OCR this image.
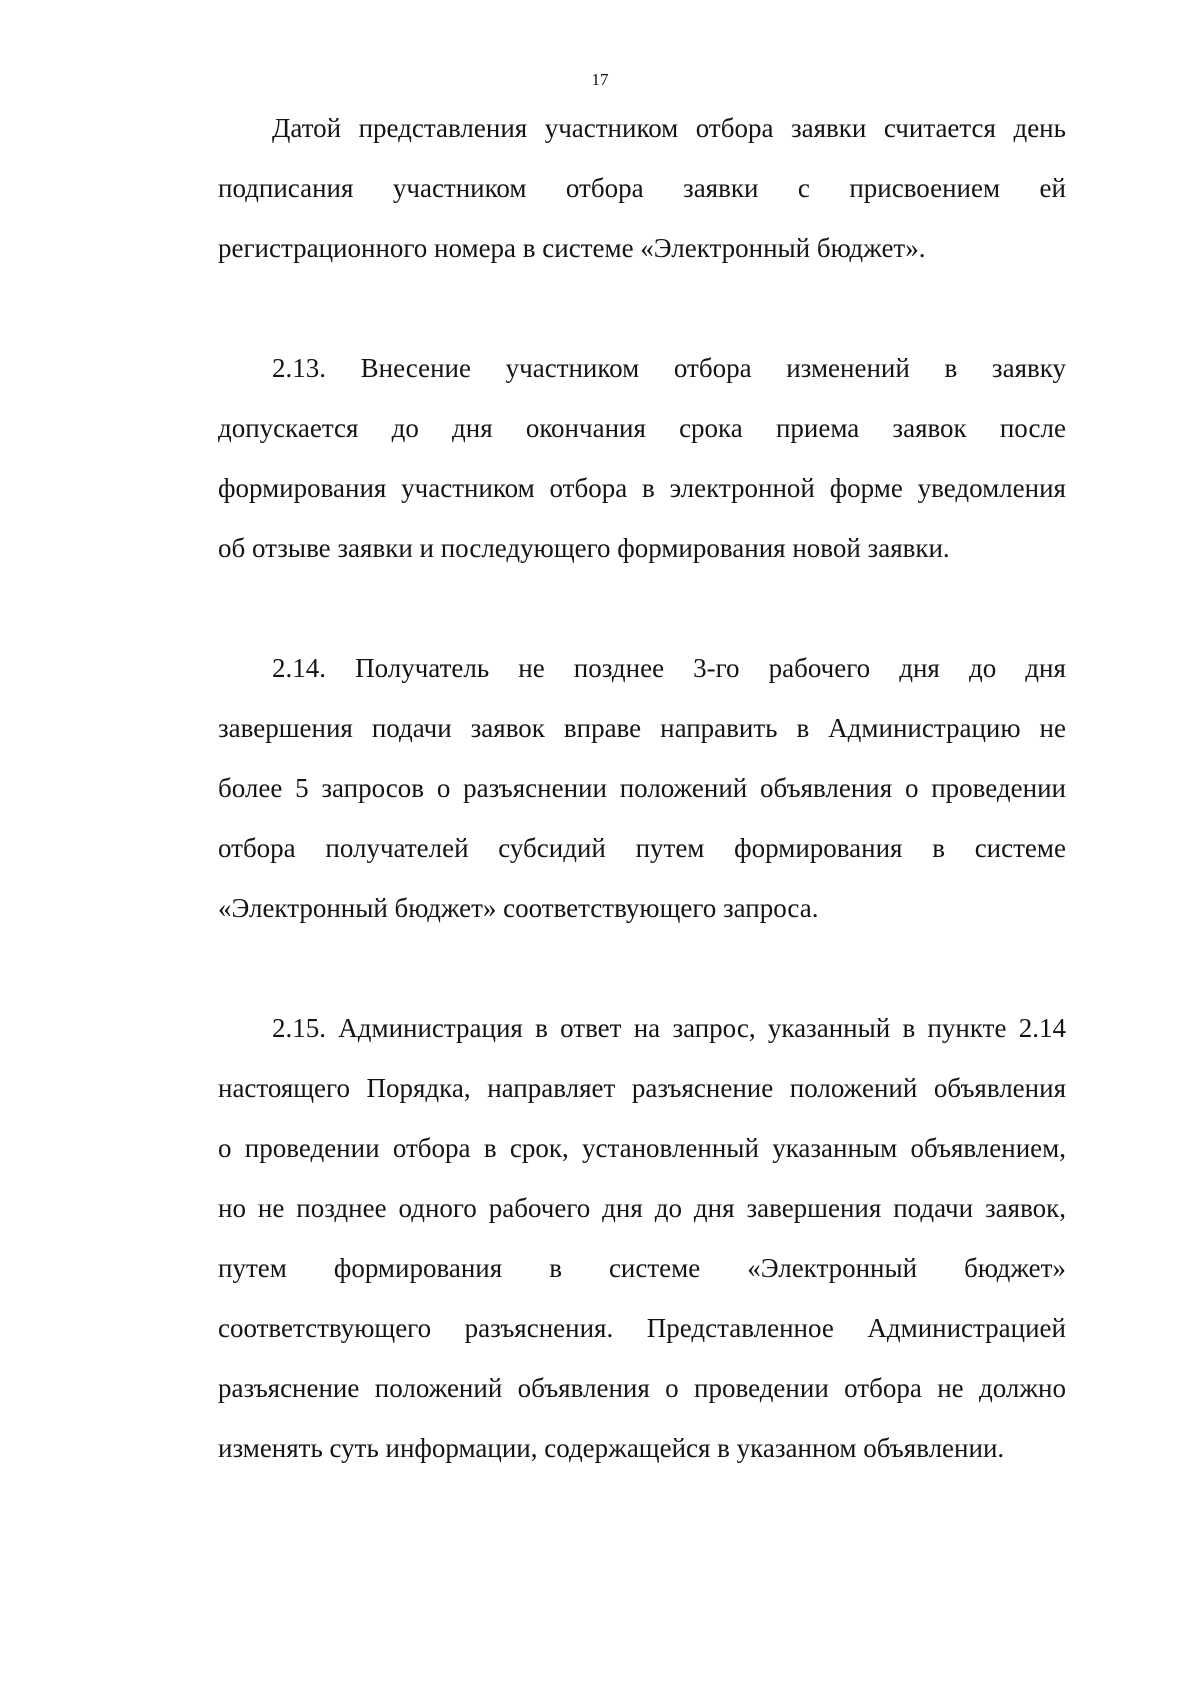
17
Датой представления участником отбора заявки считается день
подписания участником отбора заявки с присвоением ей
регистрационного номера в системе «Электронный бюджет».
2.13. Внесение участником отбора изменений в заявку
допускается до дня окончания срока приема заявок после
формирования участником отбора в электронной форме уведомления
об отзыве заявки и последующего формирования новой заявки.
2.14. Получатель не позднее 3-го рабочего дня до дня
завершения подачи заявок вправе направить в Администрацию не
более 5 запросов о разъяснении положений объявления о проведении
отбора получателей субсидий путем формирования в системе
«Электронный бюджет» соответствующего запроса.
2.15. Администрация в ответ на запрос, указанный в пункте 2.14
настоящего Порядка, направляет разъяснение положений объявления
о проведении отбора в срок, установленный указанным объявлением,
но не позднее одного рабочего дня до дня завершения подачи заявок,
путем формирования в системе «Электронный бюджет»
соответствующего разъяснения. Представленное Администрацией
разъяснение положений объявления о проведении отбора не должно
изменять суть информации, содержащейся в указанном объявлении.
